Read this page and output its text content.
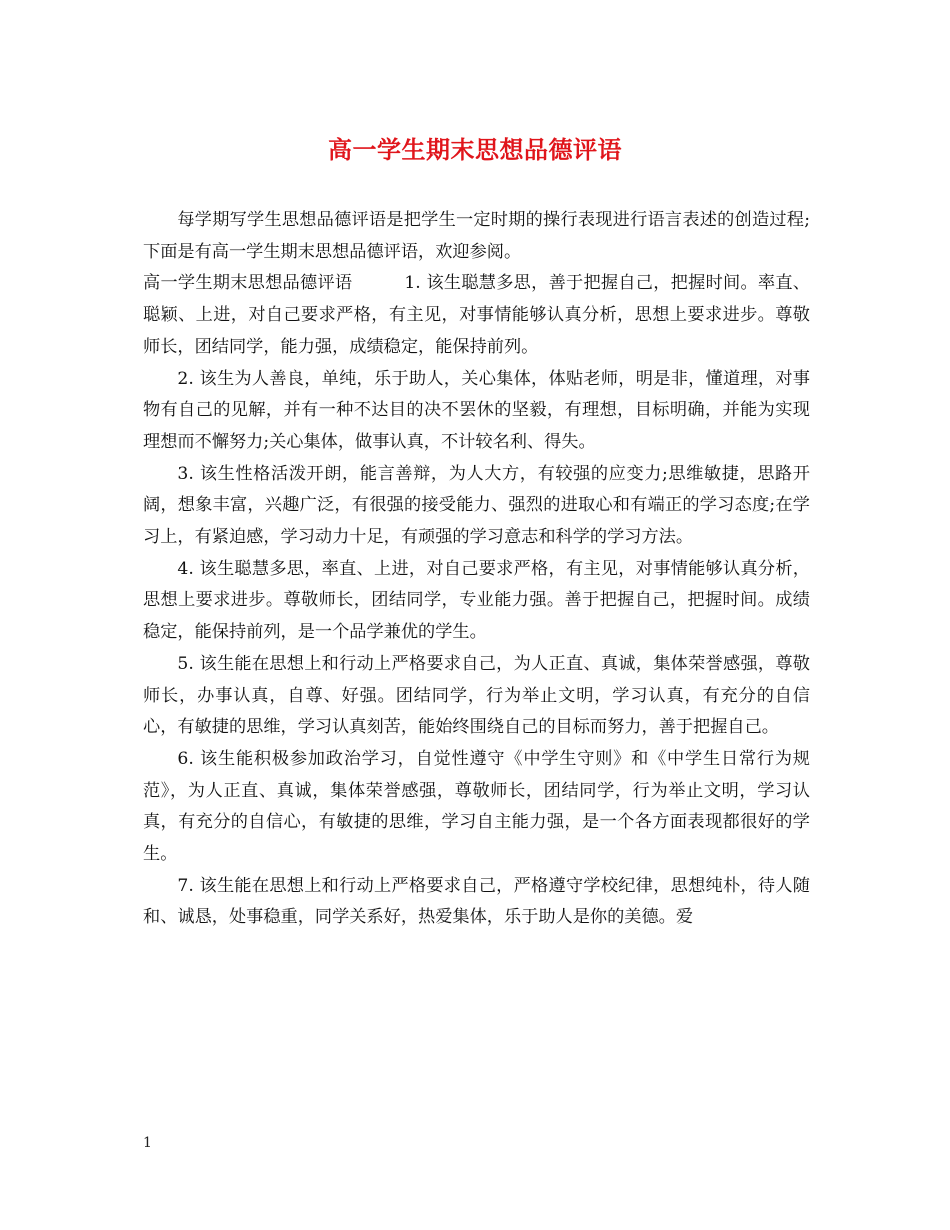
高一学生期末思想品德评语

每学期写学生思想品德评语是把学生一定时期的操行表现进行语言表述的创造过程;下面是有高一学生期末思想品德评语，欢迎参阅。

高一学生期末思想品德评语	1. 该生聪慧多思，善于把握自己，把握时间。率直、聪颖、上进，对自己要求严格，有主见，对事情能够认真分析，思想上要求进步。尊敬师长，团结同学，能力强，成绩稳定，能保持前列。

2. 该生为人善良，单纯，乐于助人，关心集体，体贴老师，明是非，懂道理，对事物有自己的见解，并有一种不达目的决不罢休的坚毅，有理想，目标明确，并能为实现理想而不懈努力;关心集体，做事认真，不计较名利、得失。

3. 该生性格活泼开朗，能言善辩，为人大方，有较强的应变力;思维敏捷，思路开阔，想象丰富，兴趣广泛，有很强的接受能力、强烈的进取心和有端正的学习态度;在学习上，有紧迫感，学习动力十足，有顽强的学习意志和科学的学习方法。

4. 该生聪慧多思，率直、上进，对自己要求严格，有主见，对事情能够认真分析，思想上要求进步。尊敬师长，团结同学，专业能力强。善于把握自己，把握时间。成绩稳定，能保持前列，是一个品学兼优的学生。

5. 该生能在思想上和行动上严格要求自己，为人正直、真诚，集体荣誉感强，尊敬师长，办事认真，自尊、好强。团结同学，行为举止文明，学习认真，有充分的自信心，有敏捷的思维，学习认真刻苦，能始终围绕自己的目标而努力，善于把握自己。

6. 该生能积极参加政治学习，自觉性遵守《中学生守则》和《中学生日常行为规范》，为人正直、真诚，集体荣誉感强，尊敬师长，团结同学，行为举止文明，学习认真，有充分的自信心，有敏捷的思维，学习自主能力强，是一个各方面表现都很好的学生。

7. 该生能在思想上和行动上严格要求自己，严格遵守学校纪律，思想纯朴，待人随和、诚恳，处事稳重，同学关系好，热爱集体，乐于助人是你的美德。爱

1
